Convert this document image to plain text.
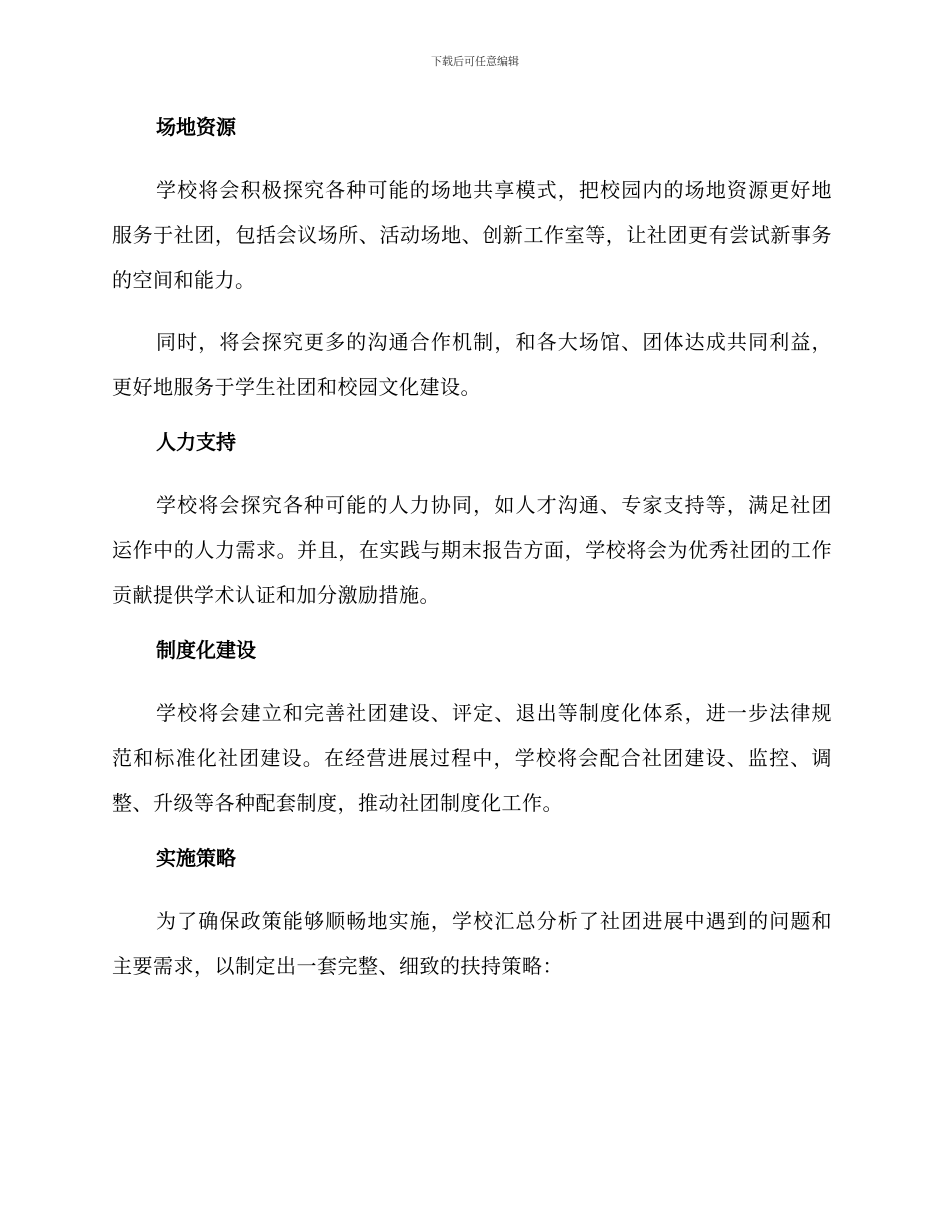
下载后可任意编辑
场地资源

学校将会积极探究各种可能的场地共享模式，把校园内的场地资源更好地服务于社团，包括会议场所、活动场地、创新工作室等，让社团更有尝试新事务的空间和能力。

同时，将会探究更多的沟通合作机制，和各大场馆、团体达成共同利益，更好地服务于学生社团和校园文化建设。

人力支持

学校将会探究各种可能的人力协同，如人才沟通、专家支持等，满足社团运作中的人力需求。并且，在实践与期末报告方面，学校将会为优秀社团的工作贡献提供学术认证和加分激励措施。

制度化建设

学校将会建立和完善社团建设、评定、退出等制度化体系，进一步法律规范和标准化社团建设。在经营进展过程中，学校将会配合社团建设、监控、调整、升级等各种配套制度，推动社团制度化工作。

实施策略

为了确保政策能够顺畅地实施，学校汇总分析了社团进展中遇到的问题和主要需求，以制定出一套完整、细致的扶持策略：
